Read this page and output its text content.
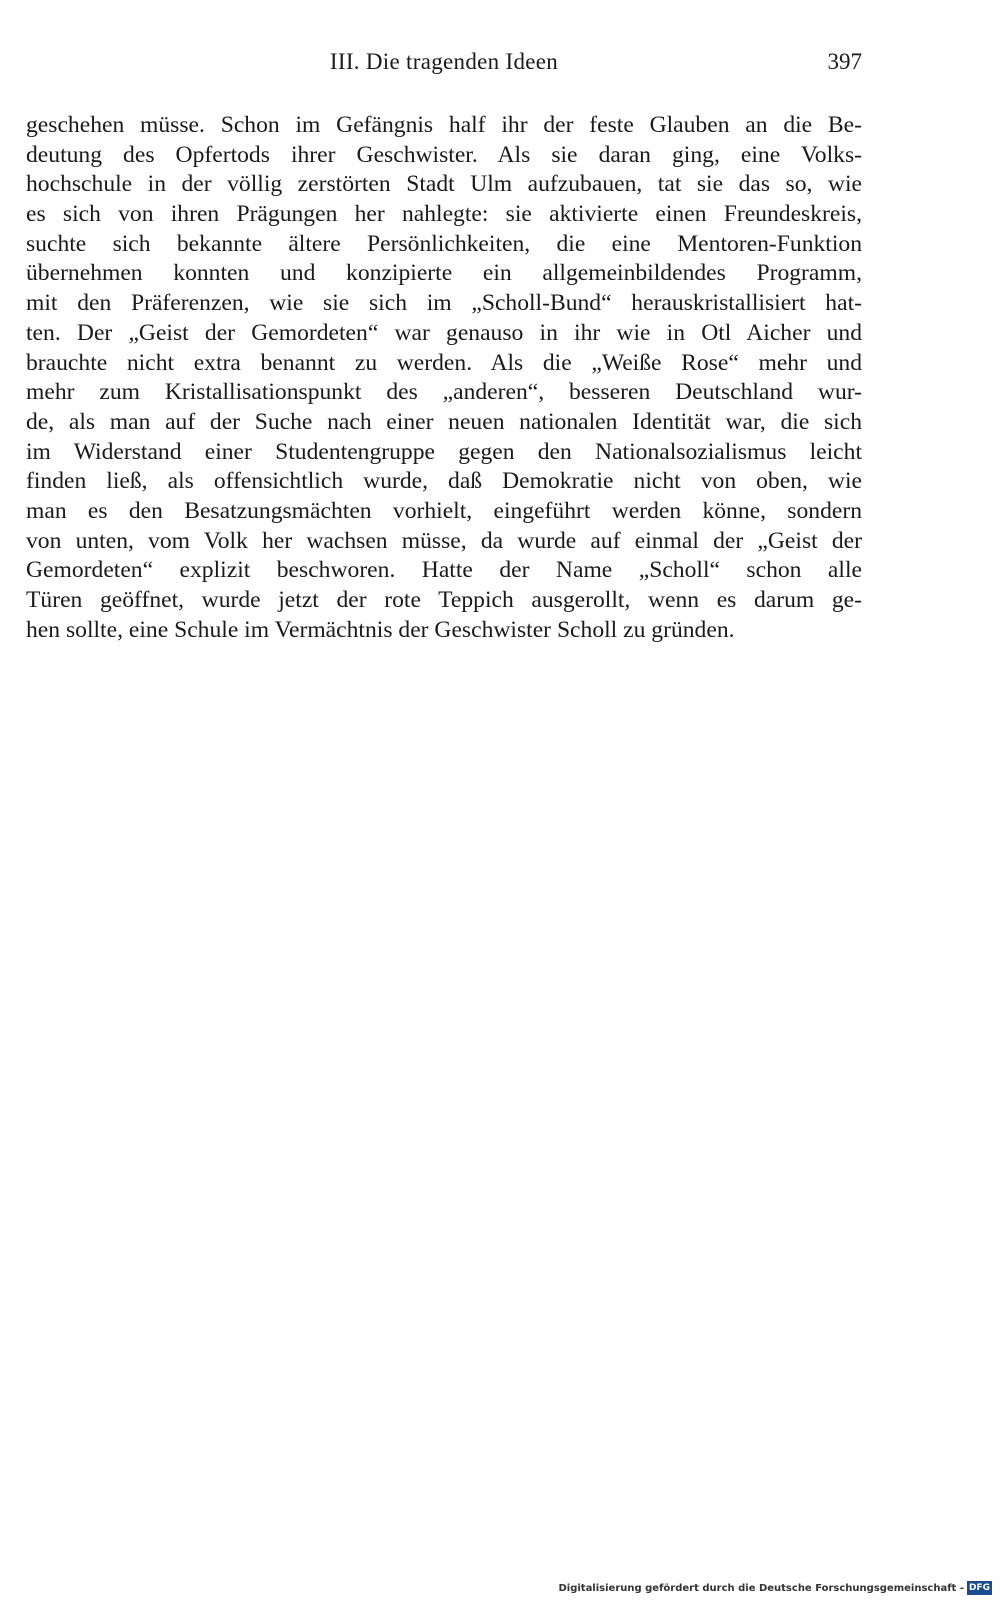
III. Die tragenden Ideen	397
geschehen müsse. Schon im Gefängnis half ihr der feste Glauben an die Be-
deutung des Opfertods ihrer Geschwister. Als sie daran ging, eine Volks-
hochschule in der völlig zerstörten Stadt Ulm aufzubauen, tat sie das so, wie
es sich von ihren Prägungen her nahlegte: sie aktivierte einen Freundeskreis,
suchte sich bekannte ältere Persönlichkeiten, die eine Mentoren-Funktion
übernehmen konnten und konzipierte ein allgemeinbildendes Programm,
mit den Präferenzen, wie sie sich im „Scholl-Bund“ herauskristallisiert hat-
ten. Der „Geist der Gemordeten“ war genauso in ihr wie in Otl Aicher und
brauchte nicht extra benannt zu werden. Als die „Weiße Rose“ mehr und
mehr zum Kristallisationspunkt des „anderen“, besseren Deutschland wur-
de, als man auf der Suche nach einer neuen nationalen Identität war, die sich
im Widerstand einer Studentengruppe gegen den Nationalsozialismus leicht
finden ließ, als offensichtlich wurde, daß Demokratie nicht von oben, wie
man es den Besatzungsmächten vorhielt, eingeführt werden könne, sondern
von unten, vom Volk her wachsen müsse, da wurde auf einmal der „Geist der
Gemordeten“ explizit beschworen. Hatte der Name „Scholl“ schon alle
Türen geöffnet, wurde jetzt der rote Teppich ausgerollt, wenn es darum ge-
hen sollte, eine Schule im Vermächtnis der Geschwister Scholl zu gründen.
Digitalisierung gefördert durch die Deutsche Forschungsgemeinschaft - DFG
